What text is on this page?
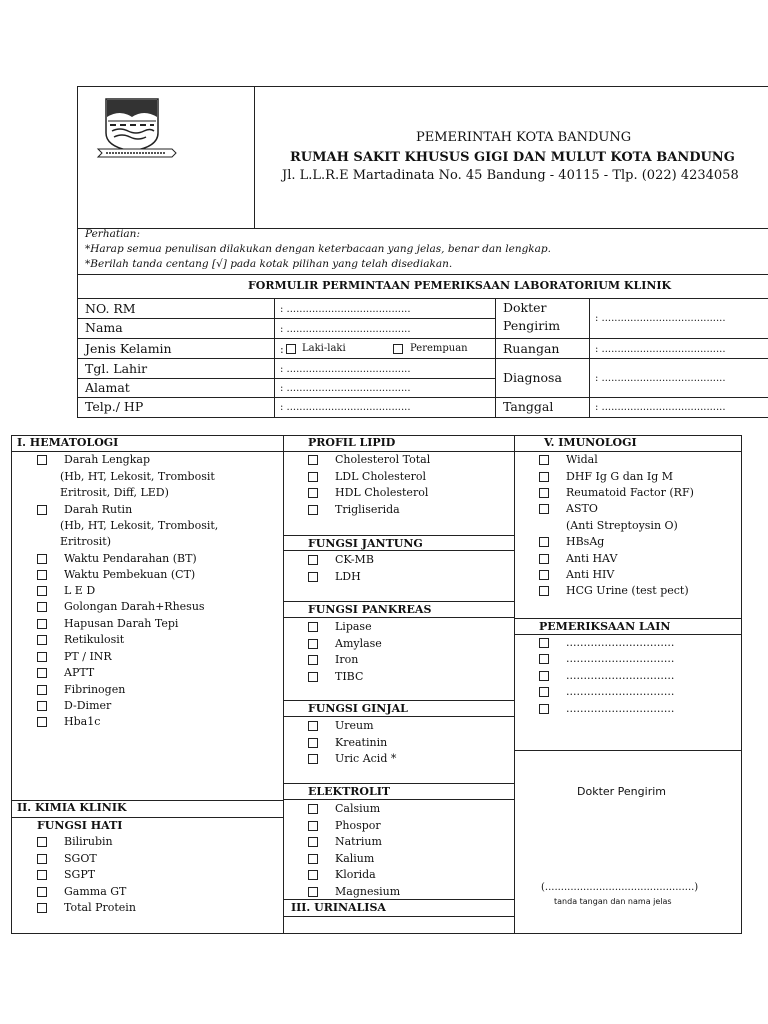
PEMERINTAH KOTA BANDUNG
RUMAH SAKIT KHUSUS GIGI DAN MULUT KOTA BANDUNG
Jl. L.L.R.E Martadinata No. 45 Bandung - 40115 - Tlp. (022) 4234058
Perhatian:
*Harap semua penulisan dilakukan dengan keterbacaan yang jelas, benar dan lengkap.
*Berilah tanda centang [√] pada kotak pilihan yang telah disediakan.
FORMULIR PERMINTAAN PEMERIKSAAN LABORATORIUM KLINIK
NO. RM
Nama
Jenis Kelamin
Tgl. Lahir
Alamat
Telp./ HP
: .......................................
: .......................................
: Laki-laki	Perempuan
: .......................................
: .......................................
: .......................................
Dokter
Pengirim
Ruangan
Diagnosa
Tanggal
: .......................................
: .......................................
: .......................................
: .......................................
I. HEMATOLOGI
Darah Lengkap
(Hb, HT, Lekosit, Trombosit
Eritrosit, Diff, LED)
Darah Rutin
(Hb, HT, Lekosit, Trombosit,
Eritrosit)
Waktu Pendarahan (BT)
Waktu Pembekuan (CT)
L E D
Golongan Darah+Rhesus
Hapusan Darah Tepi
Retikulosit
PT / INR
APTT
Fibrinogen
D-Dimer
Hba1c
II. KIMIA KLINIK
FUNGSI HATI
Bilirubin
SGOT
SGPT
Gamma GT
Total Protein
PROFIL LIPID
FUNGSI JANTUNG
FUNGSI PANKREAS
FUNGSI GINJAL
ELEKTROLIT
III. URINALISA
Cholesterol Total
LDL Cholesterol
HDL Cholesterol
Trigliserida
CK-MB
LDH
Lipase
Amylase
Iron
TIBC
Ureum
Kreatinin
Uric Acid *
Calsium
Phospor
Natrium
Kalium
Klorida
Magnesium
V. IMUNOLOGI
PEMERIKSAAN LAIN
Widal
DHF Ig G dan Ig M
Reumatoid Factor (RF)
ASTO
(Anti Streptoysin O)
HBsAg
Anti HAV
Anti HIV
HCG Urine (test pect)
...............................
...............................
...............................
...............................
...............................
Dokter Pengirim
(...............................................)
tanda tangan dan nama jelas
